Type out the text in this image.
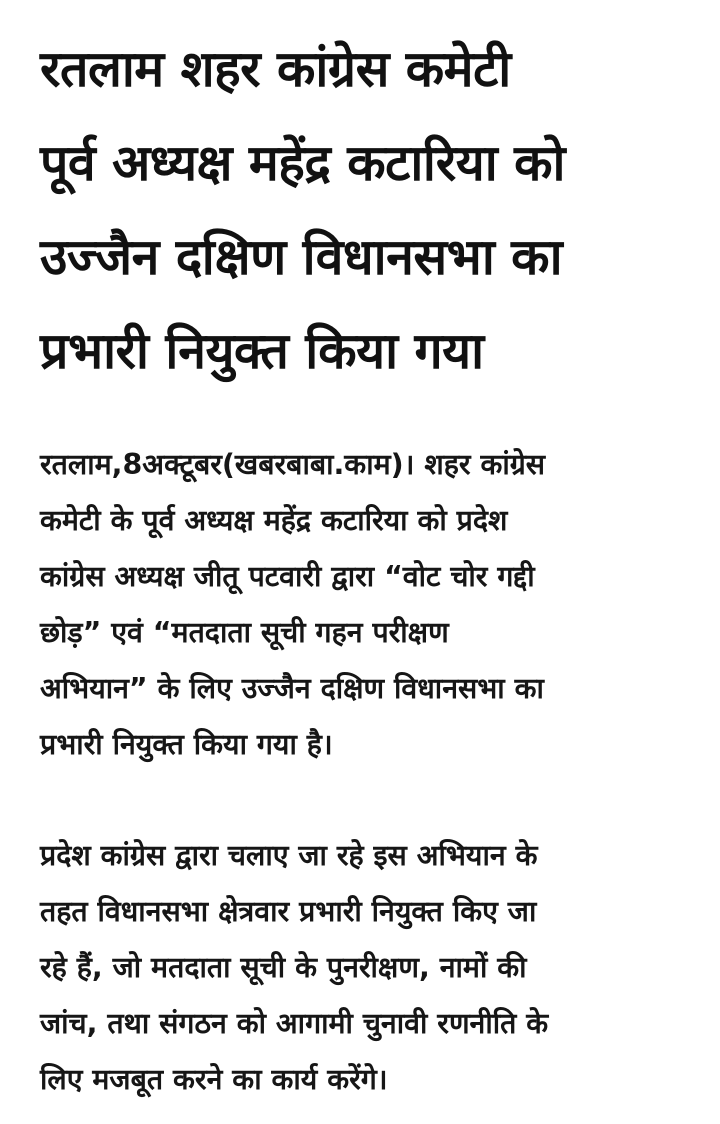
रतलाम शहर कांग्रेस कमेटी
पूर्व अध्यक्ष महेंद्र कटारिया को
उज्जैन दक्षिण विधानसभा का
प्रभारी नियुक्त किया गया

रतलाम,8अक्टूबर(खबरबाबा.काम)। शहर कांग्रेस
कमेटी के पूर्व अध्यक्ष महेंद्र कटारिया को प्रदेश
कांग्रेस अध्यक्ष जीतू पटवारी द्वारा “वोट चोर गद्दी
छोड़” एवं “मतदाता सूची गहन परीक्षण
अभियान” के लिए उज्जैन दक्षिण विधानसभा का
प्रभारी नियुक्त किया गया है।

प्रदेश कांग्रेस द्वारा चलाए जा रहे इस अभियान के
तहत विधानसभा क्षेत्रवार प्रभारी नियुक्त किए जा
रहे हैं, जो मतदाता सूची के पुनरीक्षण, नामों की
जांच, तथा संगठन को आगामी चुनावी रणनीति के
लिए मजबूत करने का कार्य करेंगे।
